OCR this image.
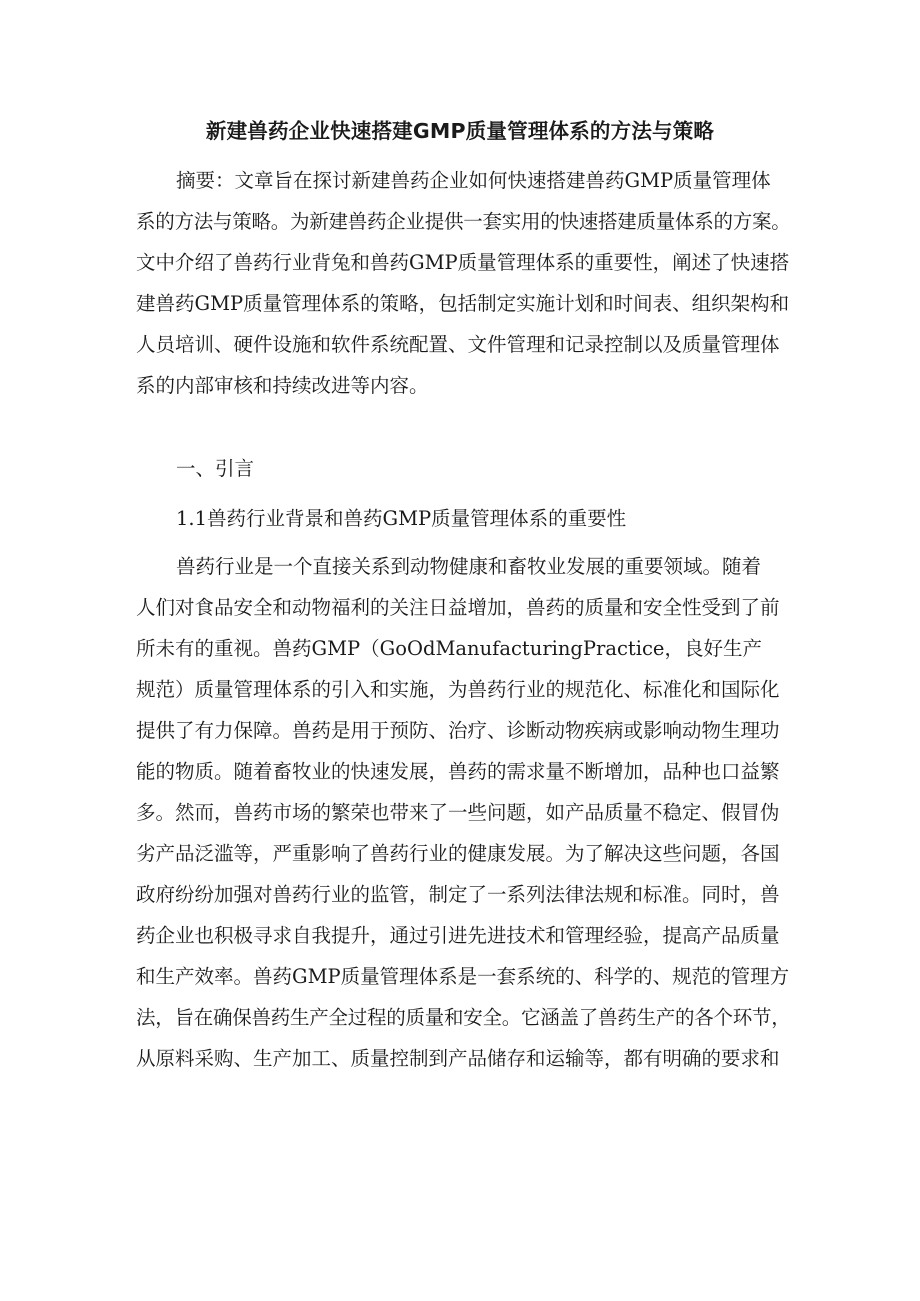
新建兽药企业快速搭建GMP质量管理体系的方法与策略

摘要：文章旨在探讨新建兽药企业如何快速搭建兽药GMP质量管理体
系的方法与策略。为新建兽药企业提供一套实用的快速搭建质量体系的方案。
文中介绍了兽药行业背兔和兽药GMP质量管理体系的重要性，阐述了快速搭
建兽药GMP质量管理体系的策略，包括制定实施计划和时间表、组织架构和
人员培训、硬件设施和软件系统配置、文件管理和记录控制以及质量管理体
系的内部审核和持续改进等内容。

一、引言
1.1兽药行业背景和兽药GMP质量管理体系的重要性

兽药行业是一个直接关系到动物健康和畜牧业发展的重要领域。随着
人们对食品安全和动物福利的关注日益增加，兽药的质量和安全性受到了前
所未有的重视。兽药GMP（GoOdManufacturingPractice，良好生产
规范）质量管理体系的引入和实施，为兽药行业的规范化、标准化和国际化
提供了有力保障。兽药是用于预防、治疗、诊断动物疾病或影响动物生理功
能的物质。随着畜牧业的快速发展，兽药的需求量不断增加，品种也口益繁
多。然而，兽药市场的繁荣也带来了一些问题，如产品质量不稳定、假冒伪
劣产品泛滥等，严重影响了兽药行业的健康发展。为了解决这些问题，各国
政府纷纷加强对兽药行业的监管，制定了一系列法律法规和标准。同时，兽
药企业也积极寻求自我提升，通过引进先进技术和管理经验，提高产品质量
和生产效率。兽药GMP质量管理体系是一套系统的、科学的、规范的管理方
法，旨在确保兽药生产全过程的质量和安全。它涵盖了兽药生产的各个环节，
从原料采购、生产加工、质量控制到产品储存和运输等，都有明确的要求和
